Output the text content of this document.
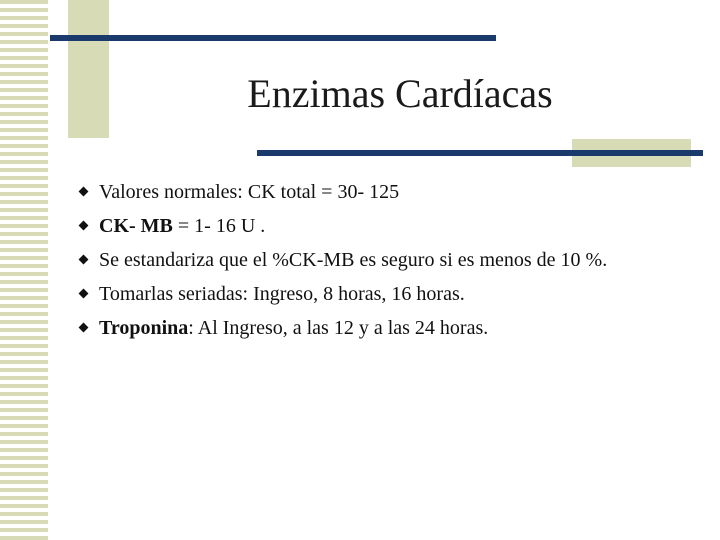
Enzimas Cardíacas
Valores normales: CK total = 30- 125
CK- MB = 1- 16 U .
Se estandariza que el %CK-MB es seguro si es menos de 10 %.
Tomarlas seriadas: Ingreso, 8 horas, 16 horas.
Troponina: Al Ingreso, a las 12 y a las 24 horas.
